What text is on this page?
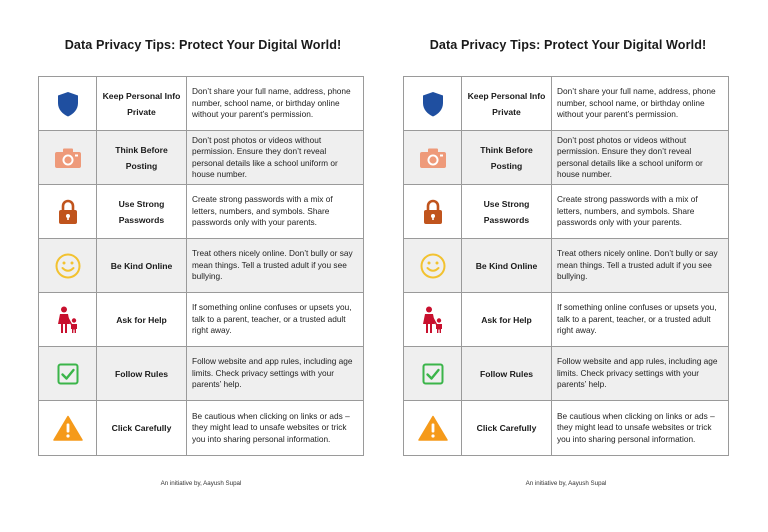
Data Privacy Tips: Protect Your Digital World!
Keep Personal Info Private
Don’t share your full name, address, phone number, school name, or birthday online without your parent’s permission.
Think Before Posting
Don’t post photos or videos without permission. Ensure they don’t reveal personal details like a school uniform or house number.
Use Strong Passwords
Create strong passwords with a mix of letters, numbers, and symbols. Share passwords only with your parents.
Be Kind Online
Treat others nicely online. Don’t bully or say mean things. Tell a trusted adult if you see bullying.
Ask for Help
If something online confuses or upsets you, talk to a parent, teacher, or a trusted adult right away.
Follow Rules
Follow website and app rules, including age limits. Check privacy settings with your parents’ help.
Click Carefully
Be cautious when clicking on links or ads – they might lead to unsafe websites or trick you into sharing personal information.
An initiative by, Aayush Supal
Data Privacy Tips: Protect Your Digital World!
Keep Personal Info Private
Don’t share your full name, address, phone number, school name, or birthday online without your parent’s permission.
Think Before Posting
Don’t post photos or videos without permission. Ensure they don’t reveal personal details like a school uniform or house number.
Use Strong Passwords
Create strong passwords with a mix of letters, numbers, and symbols. Share passwords only with your parents.
Be Kind Online
Treat others nicely online. Don’t bully or say mean things. Tell a trusted adult if you see bullying.
Ask for Help
If something online confuses or upsets you, talk to a parent, teacher, or a trusted adult right away.
Follow Rules
Follow website and app rules, including age limits. Check privacy settings with your parents’ help.
Click Carefully
Be cautious when clicking on links or ads – they might lead to unsafe websites or trick you into sharing personal information.
An initiative by, Aayush Supal
